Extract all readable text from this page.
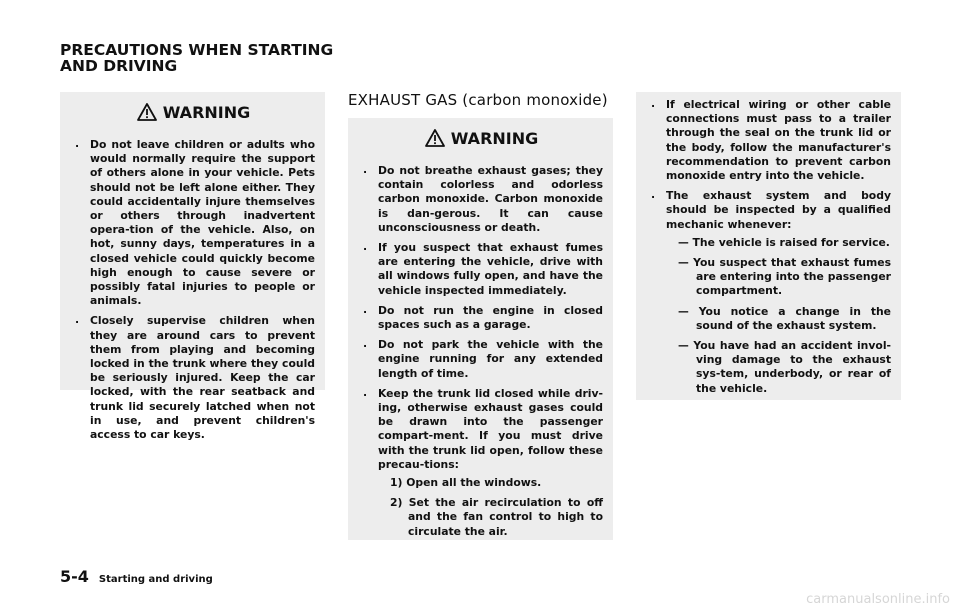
PRECAUTIONS WHEN STARTING
AND DRIVING
WARNING
. Do not leave children or adults who would normally require the support of others alone in your vehicle. Pets should not be left alone either. They could accidentally injure themselves or others through inadvertent opera-tion of the vehicle. Also, on hot, sunny days, temperatures in a closed vehicle could quickly become high enough to cause severe or possibly fatal injuries to people or animals.
. Closely supervise children when they are around cars to prevent them from playing and becoming locked in the trunk where they could be seriously injured. Keep the car locked, with the rear seatback and trunk lid securely latched when not in use, and prevent children's access to car keys.
EXHAUST GAS (carbon monoxide)
WARNING
. Do not breathe exhaust gases; they contain colorless and odorless carbon monoxide. Carbon monoxide is dan-gerous. It can cause unconsciousness or death.
. If you suspect that exhaust fumes are entering the vehicle, drive with all windows fully open, and have the vehicle inspected immediately.
. Do not run the engine in closed spaces such as a garage.
. Do not park the vehicle with the engine running for any extended length of time.
. Keep the trunk lid closed while driv-ing, otherwise exhaust gases could be drawn into the passenger compart-ment. If you must drive with the trunk lid open, follow these precau-tions:
1) Open all the windows.
2) Set the air recirculation to off and the fan control to high to circulate the air.
. If electrical wiring or other cable connections must pass to a trailer through the seal on the trunk lid or the body, follow the manufacturer's recommendation to prevent carbon monoxide entry into the vehicle.
. The exhaust system and body should be inspected by a qualified mechanic whenever:
— The vehicle is raised for service.
— You suspect that exhaust fumes are entering into the passenger compartment.
— You notice a change in the sound of the exhaust system.
— You have had an accident invol-ving damage to the exhaust sys-tem, underbody, or rear of the vehicle.
5-4 Starting and driving
carmanualsonline.info
